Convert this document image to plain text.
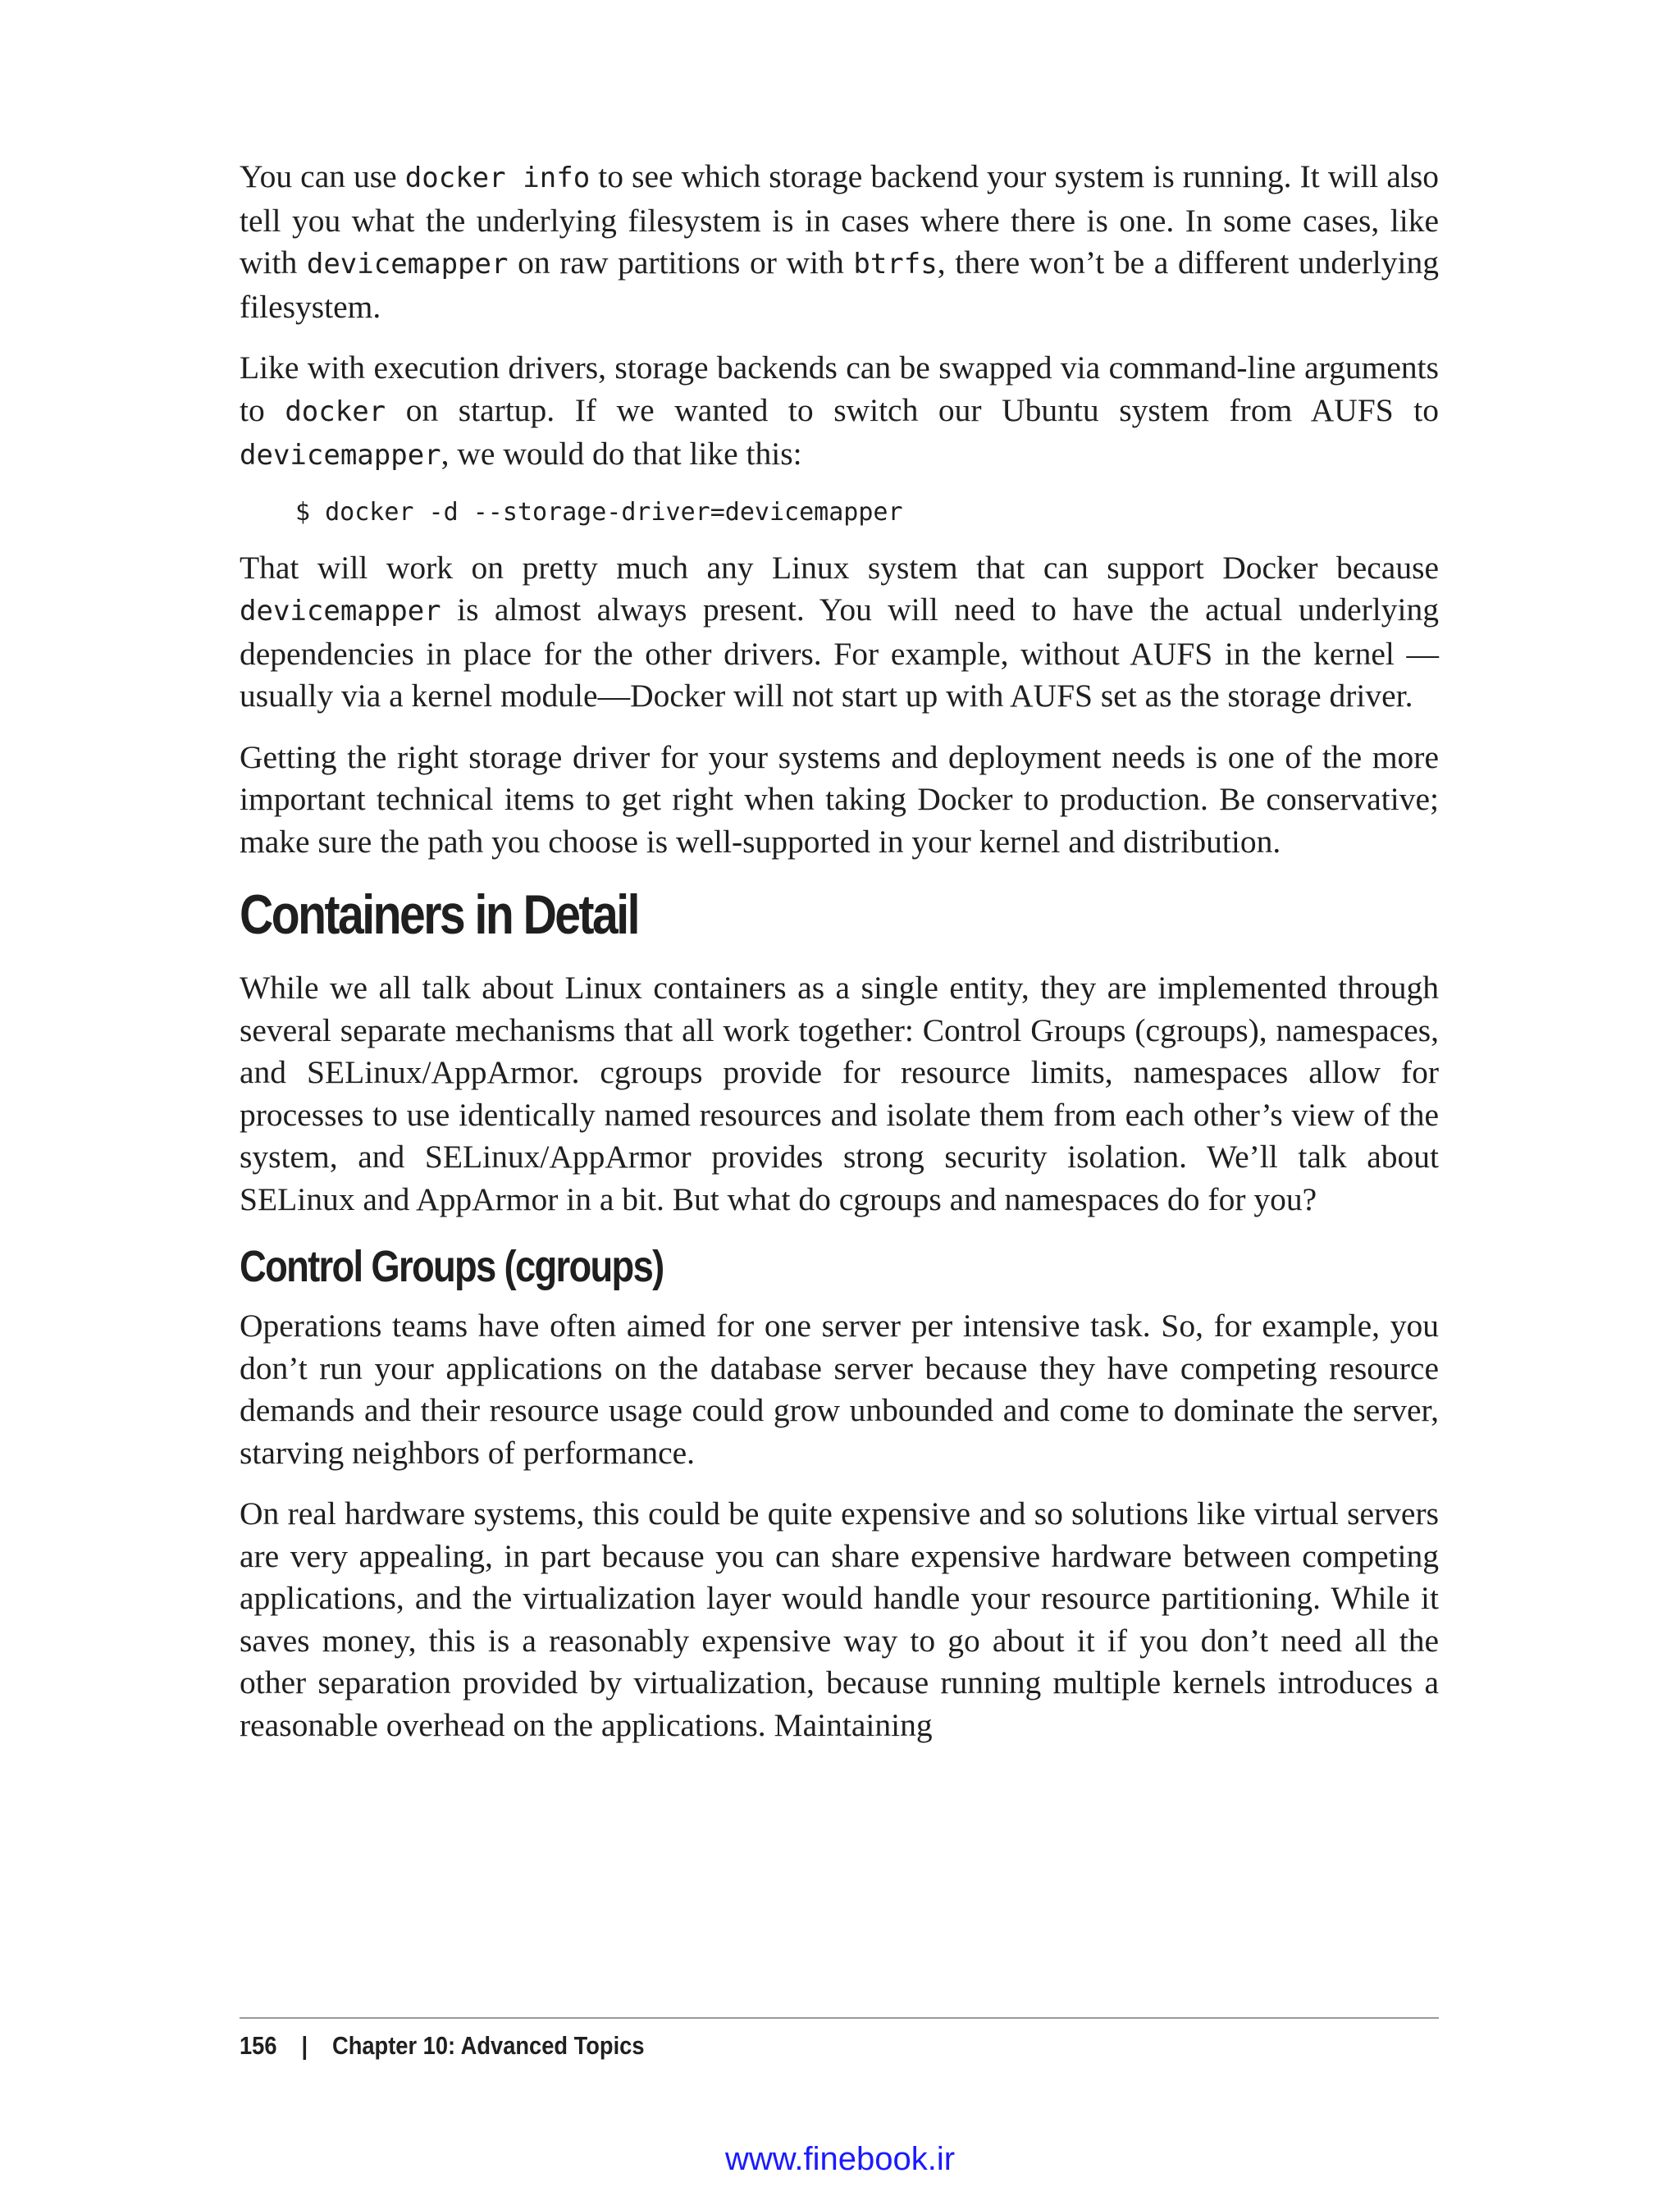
You can use docker info to see which storage backend your system is running. It will also tell you what the underlying filesystem is in cases where there is one. In some cases, like with devicemapper on raw partitions or with btrfs, there won’t be a different underlying filesystem.

Like with execution drivers, storage backends can be swapped via command-line arguments to docker on startup. If we wanted to switch our Ubuntu system from AUFS to devicemapper, we would do that like this:

$ docker -d --storage-driver=devicemapper

That will work on pretty much any Linux system that can support Docker because devicemapper is almost always present. You will need to have the actual underlying dependencies in place for the other drivers. For example, without AUFS in the kernel —usually via a kernel module—Docker will not start up with AUFS set as the storage driver.

Getting the right storage driver for your systems and deployment needs is one of the more important technical items to get right when taking Docker to production. Be conservative; make sure the path you choose is well-supported in your kernel and distribution.

Containers in Detail

While we all talk about Linux containers as a single entity, they are implemented through several separate mechanisms that all work together: Control Groups (cgroups), namespaces, and SELinux/AppArmor. cgroups provide for resource limits, namespaces allow for processes to use identically named resources and isolate them from each other’s view of the system, and SELinux/AppArmor provides strong security isolation. We’ll talk about SELinux and AppArmor in a bit. But what do cgroups and namespaces do for you?

Control Groups (cgroups)

Operations teams have often aimed for one server per intensive task. So, for example, you don’t run your applications on the database server because they have competing resource demands and their resource usage could grow unbounded and come to dominate the server, starving neighbors of performance.

On real hardware systems, this could be quite expensive and so solutions like virtual servers are very appealing, in part because you can share expensive hardware between competing applications, and the virtualization layer would handle your resource partitioning. While it saves money, this is a reasonably expensive way to go about it if you don’t need all the other separation provided by virtualization, because running multiple kernels introduces a reasonable overhead on the applications. Maintaining

156 | Chapter 10: Advanced Topics
www.finebook.ir
